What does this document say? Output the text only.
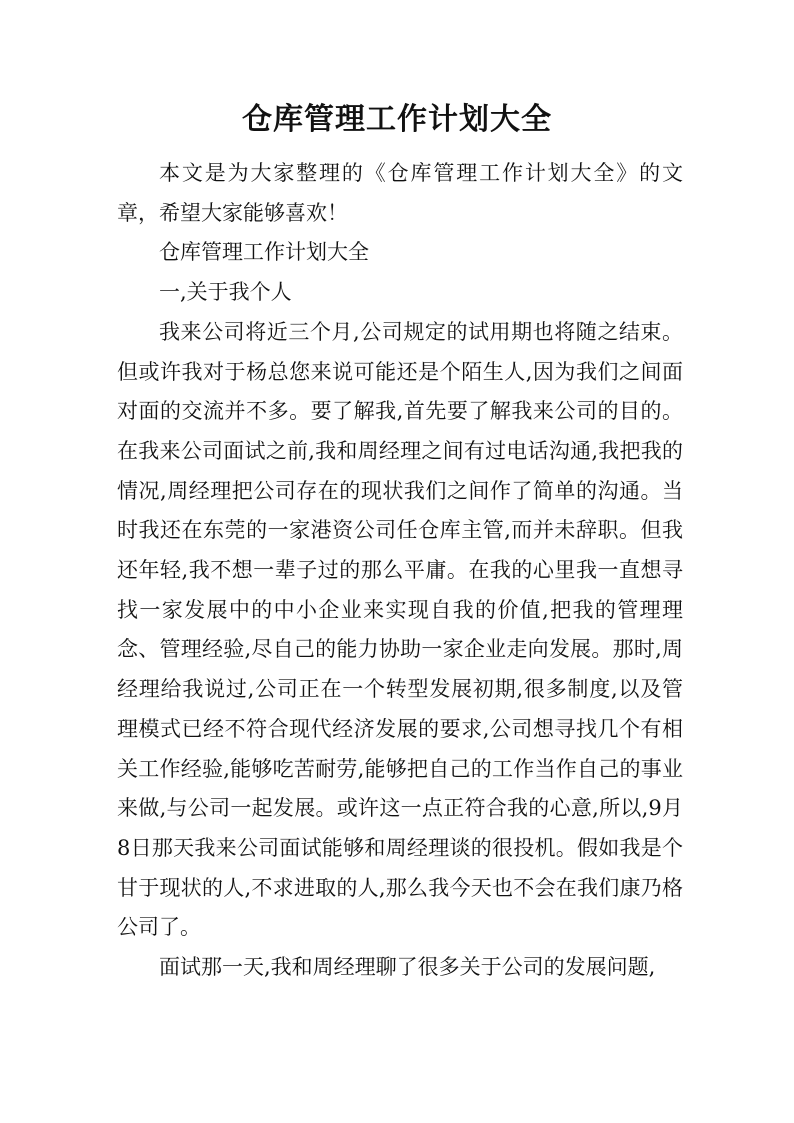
仓库管理工作计划大全

本文是为大家整理的《仓库管理工作计划大全》的文章，希望大家能够喜欢！

仓库管理工作计划大全

一,关于我个人

我来公司将近三个月,公司规定的试用期也将随之结束。但或许我对于杨总您来说可能还是个陌生人,因为我们之间面对面的交流并不多。要了解我,首先要了解我来公司的目的。在我来公司面试之前,我和周经理之间有过电话沟通,我把我的情况,周经理把公司存在的现状我们之间作了简单的沟通。当时我还在东莞的一家港资公司任仓库主管,而并未辞职。但我还年轻,我不想一辈子过的那么平庸。在我的心里我一直想寻找一家发展中的中小企业来实现自我的价值,把我的管理理念、管理经验,尽自己的能力协助一家企业走向发展。那时,周经理给我说过,公司正在一个转型发展初期,很多制度,以及管理模式已经不符合现代经济发展的要求,公司想寻找几个有相关工作经验,能够吃苦耐劳,能够把自己的工作当作自己的事业来做,与公司一起发展。或许这一点正符合我的心意,所以,9月8日那天我来公司面试能够和周经理谈的很投机。假如我是个甘于现状的人,不求进取的人,那么我今天也不会在我们康乃格公司了。

面试那一天,我和周经理聊了很多关于公司的发展问题,
